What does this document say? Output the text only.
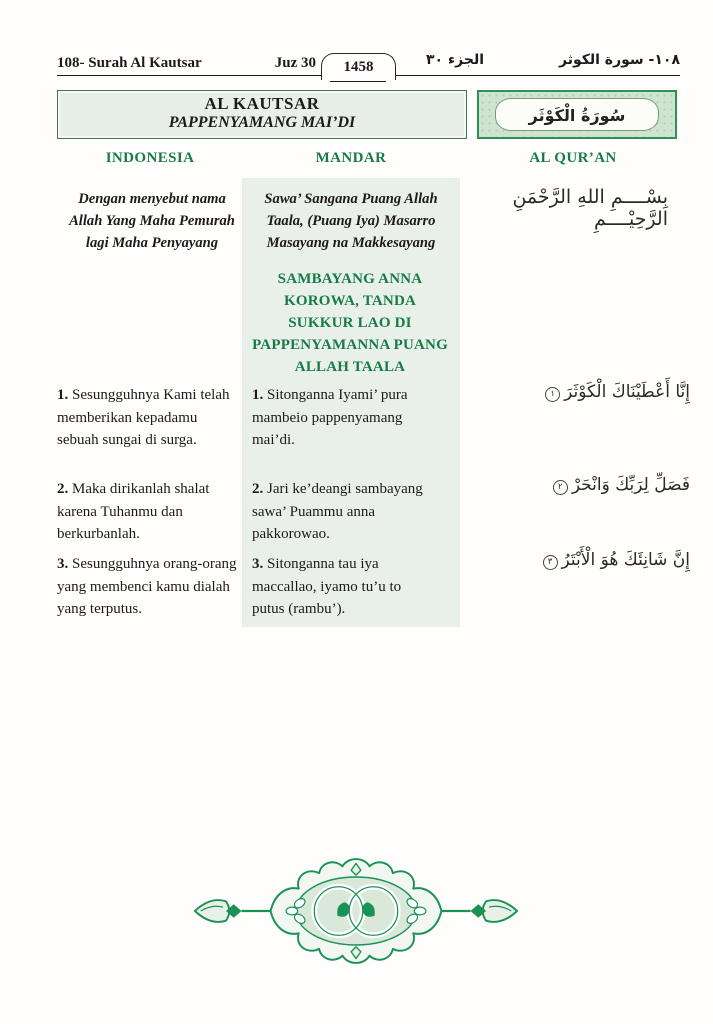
108- Surah Al Kautsar	Juz 30	1458	الجزء ٣٠	١٠٨- سورة الكوثر
AL KAUTSAR
PAPPENYAMANG MAI’DI	سُورَةُ الْكَوْثَر
INDONESIA	MANDAR	AL QUR’AN
Dengan menyebut nama Allah Yang Maha Pemurah lagi Maha Penyayang
Sawa’ Sangana Puang Allah Taala, (Puang Iya) Masarro Masayang na Makkesayang
بِسْــــمِ اللهِ الرَّحْمَنِ الرَّحِيْــــمِ
SAMBAYANG ANNA KOROWA, TANDA SUKKUR LAO DI PAPPENYAMANNA PUANG ALLAH TAALA
1. Sesungguhnya Kami telah memberikan kepadamu sebuah sungai di surga.
1. Sitonganna Iyami’ pura mambeio pappenyamang mai’di.
إِنَّا أَعْطَيْنَاكَ الْكَوْثَرَ١
2. Maka dirikanlah shalat karena Tuhanmu dan berkurbanlah.
2. Jari ke’deangi sambayang sawa’ Puammu anna pakkorowao.
فَصَلِّ لِرَبِّكَ وَانْحَرْ٢
3. Sesungguhnya orang-orang yang membenci kamu dialah yang terputus.
3. Sitonganna tau iya maccallao, iyamo tu’u to putus (rambu’).
إِنَّ شَانِئَكَ هُوَ الْأَبْتَرُ٣
